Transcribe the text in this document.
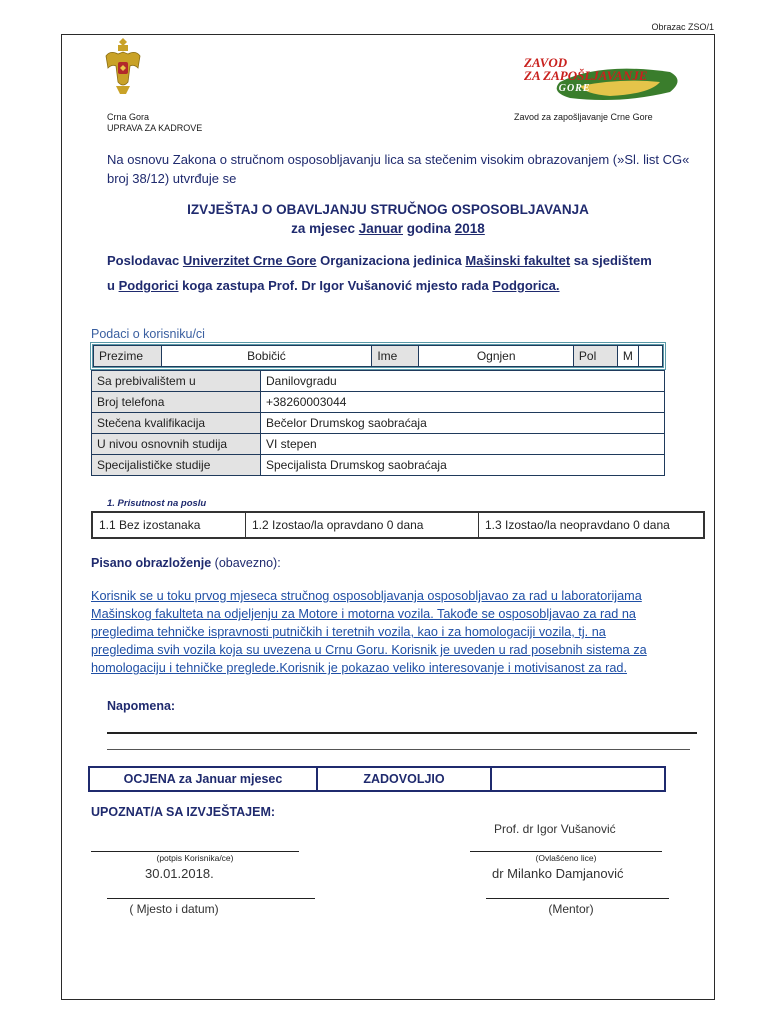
Obrazac ZSO/1
Crna Gora
UPRAVA ZA KADROVE
ZAVOD
ZA ZAPOŠLJAVANJE
CRNE GORE
Zavod za zapošljavanje Crne Gore
Na osnovu Zakona o stručnom osposobljavanju lica sa stečenim visokim obrazovanjem (»Sl. list CG« broj 38/12) utvrđuje se
IZVJEŠTAJ O OBAVLJANJU STRUČNOG OSPOSOBLJAVANJA
za mjesec Januar godina 2018
Poslodavac Univerzitet Crne Gore Organizaciona jedinica Mašinski fakultet sa sjedištem
u Podgorici koga zastupa Prof. Dr Igor Vušanović mjesto rada Podgorica.
Podaci o korisniku/ci
Prezime	Bobičić	Ime	Ognjen	Pol	M	
Sa prebivalištem u	Danilovgradu
Broj telefona	+38260003044
Stečena kvalifikacija	Bečelor Drumskog saobraćaja
U nivou osnovnih studija	VI stepen
Specijalističke studije	Specijalista Drumskog saobraćaja
1. Prisutnost na poslu
1.1 Bez izostanaka	1.2 Izostao/la opravdano 0 dana	1.3 Izostao/la neopravdano 0 dana
Pisano obrazloženje (obavezno):
Korisnik se u toku prvog mjeseca stručnog osposobljavanja osposobljavao za rad u laboratorijama
Mašinskog fakulteta na odjeljenju za Motore i motorna vozila. Takođe se osposobljavao za rad na
pregledima tehničke ispravnosti putničkih i teretnih vozila, kao i za homologaciji vozila, tj. na
pregledima svih vozila koja su uvezena u Crnu Goru. Korisnik je uveden u rad posebnih sistema za
homologaciju i tehničke preglede.Korisnik je pokazao veliko interesovanje i motivisanost za rad.
Napomena:
OCJENA za Januar mjesec	ZADOVOLJIO	
UPOZNAT/A SA IZVJEŠTAJEM:
Prof. dr Igor Vušanović
(potpis Korisnika/ce)	(Ovlašćeno lice)
30.01.2018.	dr Milanko Damjanović
( Mjesto i datum)	(Mentor)
